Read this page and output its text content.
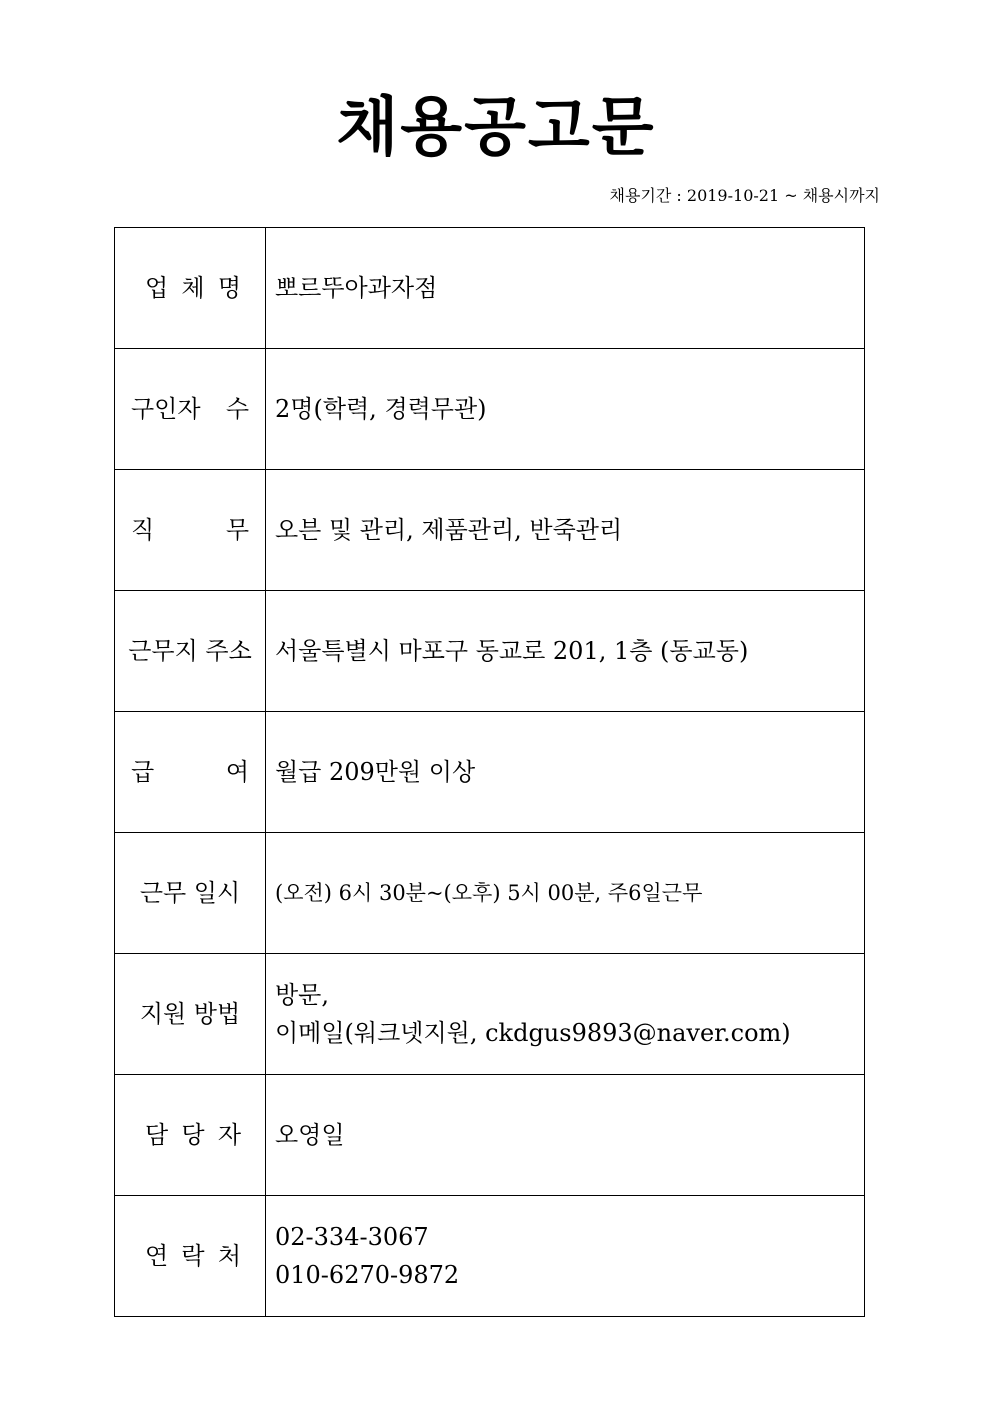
채용공고문
채용기간 : 2019-10-21 ~ 채용시까지
업 체 명	뽀르뚜아과자점

구인자 수	2명(학력, 경력무관)

직 무	오븐 및 관리, 제품관리, 반죽관리

근무지 주소	서울특별시 마포구 동교로 201, 1층 (동교동)

급 여	월급 209만원 이상

근무 일시	(오전) 6시 30분~(오후) 5시 00분, 주6일근무

지원 방법	방문,
이메일(워크넷지원, ckdgus9893@naver.com)

담 당 자	오영일

연 락 처	02-334-3067
010-6270-9872
